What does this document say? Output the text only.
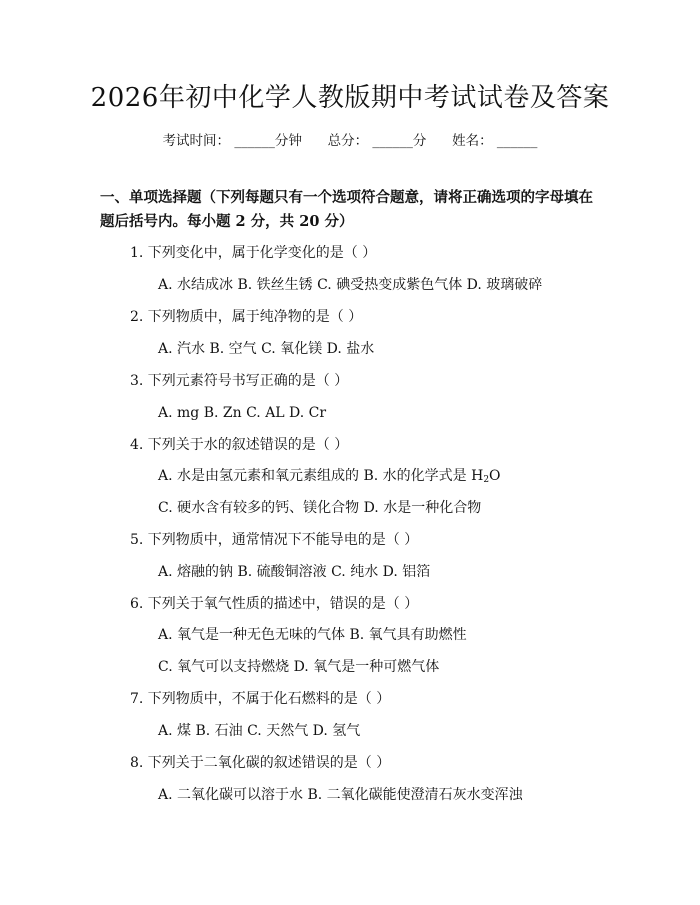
2026年初中化学人教版期中考试试卷及答案
考试时间： ______分钟      总分： ______分      姓名： ______
一、单项选择题（下列每题只有一个选项符合题意，请将正确选项的字母填在题后括号内。每小题 2 分，共 20 分）
1. 下列变化中，属于化学变化的是（ ）
A. 水结成冰 B. 铁丝生锈 C. 碘受热变成紫色气体 D. 玻璃破碎
2. 下列物质中，属于纯净物的是（ ）
A. 汽水 B. 空气 C. 氧化镁 D. 盐水
3. 下列元素符号书写正确的是（ ）
A. mg B. Zn C. AL D. Cr
4. 下列关于水的叙述错误的是（ ）
A. 水是由氢元素和氧元素组成的 B. 水的化学式是 $H_2O$
C. 硬水含有较多的钙、镁化合物 D. 水是一种化合物
5. 下列物质中，通常情况下不能导电的是（ ）
A. 熔融的钠 B. 硫酸铜溶液 C. 纯水 D. 铝箔
6. 下列关于氧气性质的描述中，错误的是（ ）
A. 氧气是一种无色无味的气体 B. 氧气具有助燃性
C. 氧气可以支持燃烧 D. 氧气是一种可燃气体
7. 下列物质中，不属于化石燃料的是（ ）
A. 煤 B. 石油 C. 天然气 D. 氢气
8. 下列关于二氧化碳的叙述错误的是（ ）
A. 二氧化碳可以溶于水 B. 二氧化碳能使澄清石灰水变浑浊
